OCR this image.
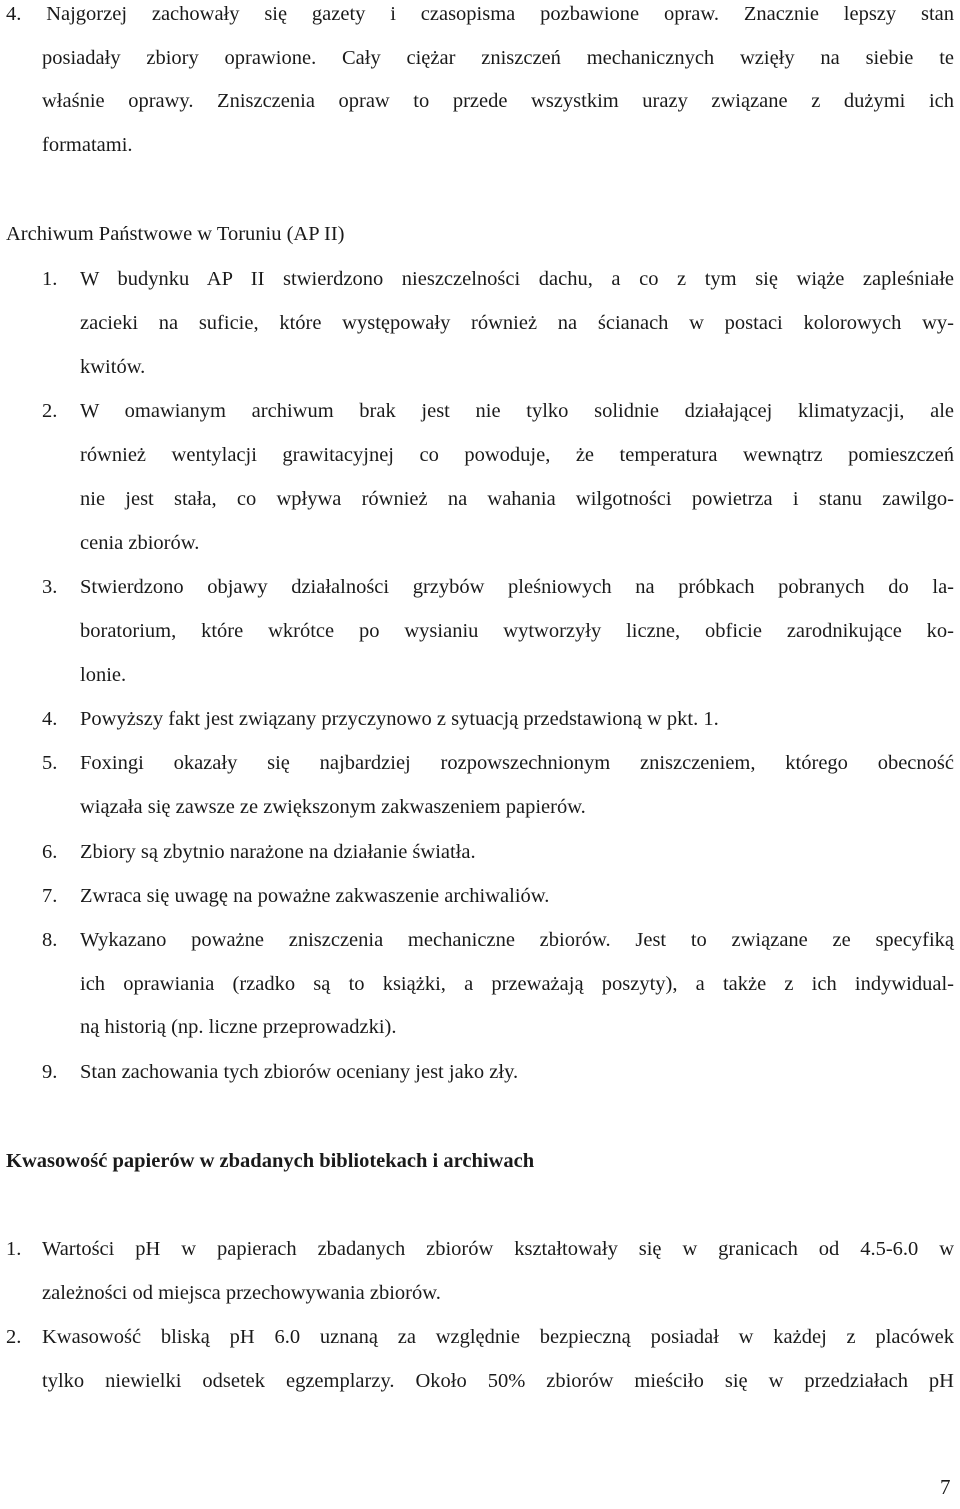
4. Najgorzej zachowały się gazety i czasopisma pozbawione opraw. Znacznie lepszy stan

posiadały zbiory oprawione. Cały ciężar zniszczeń mechanicznych wzięły na siebie te

właśnie oprawy. Zniszczenia opraw to przede wszystkim urazy związane z dużymi ich

formatami.

Archiwum Państwowe w Toruniu (AP II)

1. W budynku AP II stwierdzono nieszczelności dachu, a co z tym się wiąże zapleśniałe

zacieki na suficie, które występowały również na ścianach w postaci kolorowych wy-

kwitów.

2. W omawianym archiwum brak jest nie tylko solidnie działającej klimatyzacji, ale

również wentylacji grawitacyjnej co powoduje, że temperatura wewnątrz pomieszczeń

nie jest stała, co wpływa również na wahania wilgotności powietrza i stanu zawilgo-

cenia zbiorów.

3. Stwierdzono objawy działalności grzybów pleśniowych na próbkach pobranych do la-

boratorium, które wkrótce po wysianiu wytworzyły liczne, obficie zarodnikujące ko-

lonie.

4. Powyższy fakt jest związany przyczynowo z sytuacją przedstawioną w pkt. 1.

5. Foxingi okazały się najbardziej rozpowszechnionym zniszczeniem, którego obecność

wiązała się zawsze ze zwiększonym zakwaszeniem papierów.

6. Zbiory są zbytnio narażone na działanie światła.

7. Zwraca się uwagę na poważne zakwaszenie archiwaliów.

8. Wykazano poważne zniszczenia mechaniczne zbiorów. Jest to związane ze specyfiką

ich oprawiania (rzadko są to książki, a przeważają poszyty), a także z ich indywidual-

ną historią (np. liczne przeprowadzki).

9. Stan zachowania tych zbiorów oceniany jest jako zły.

Kwasowość papierów w zbadanych bibliotekach i archiwach

1. Wartości pH w papierach zbadanych zbiorów kształtowały się w granicach od 4.5-6.0 w

zależności od miejsca przechowywania zbiorów.

2. Kwasowość bliską pH 6.0 uznaną za względnie bezpieczną posiadał w każdej z placówek

tylko niewielki odsetek egzemplarzy. Około 50% zbiorów mieściło się w przedziałach pH

7
